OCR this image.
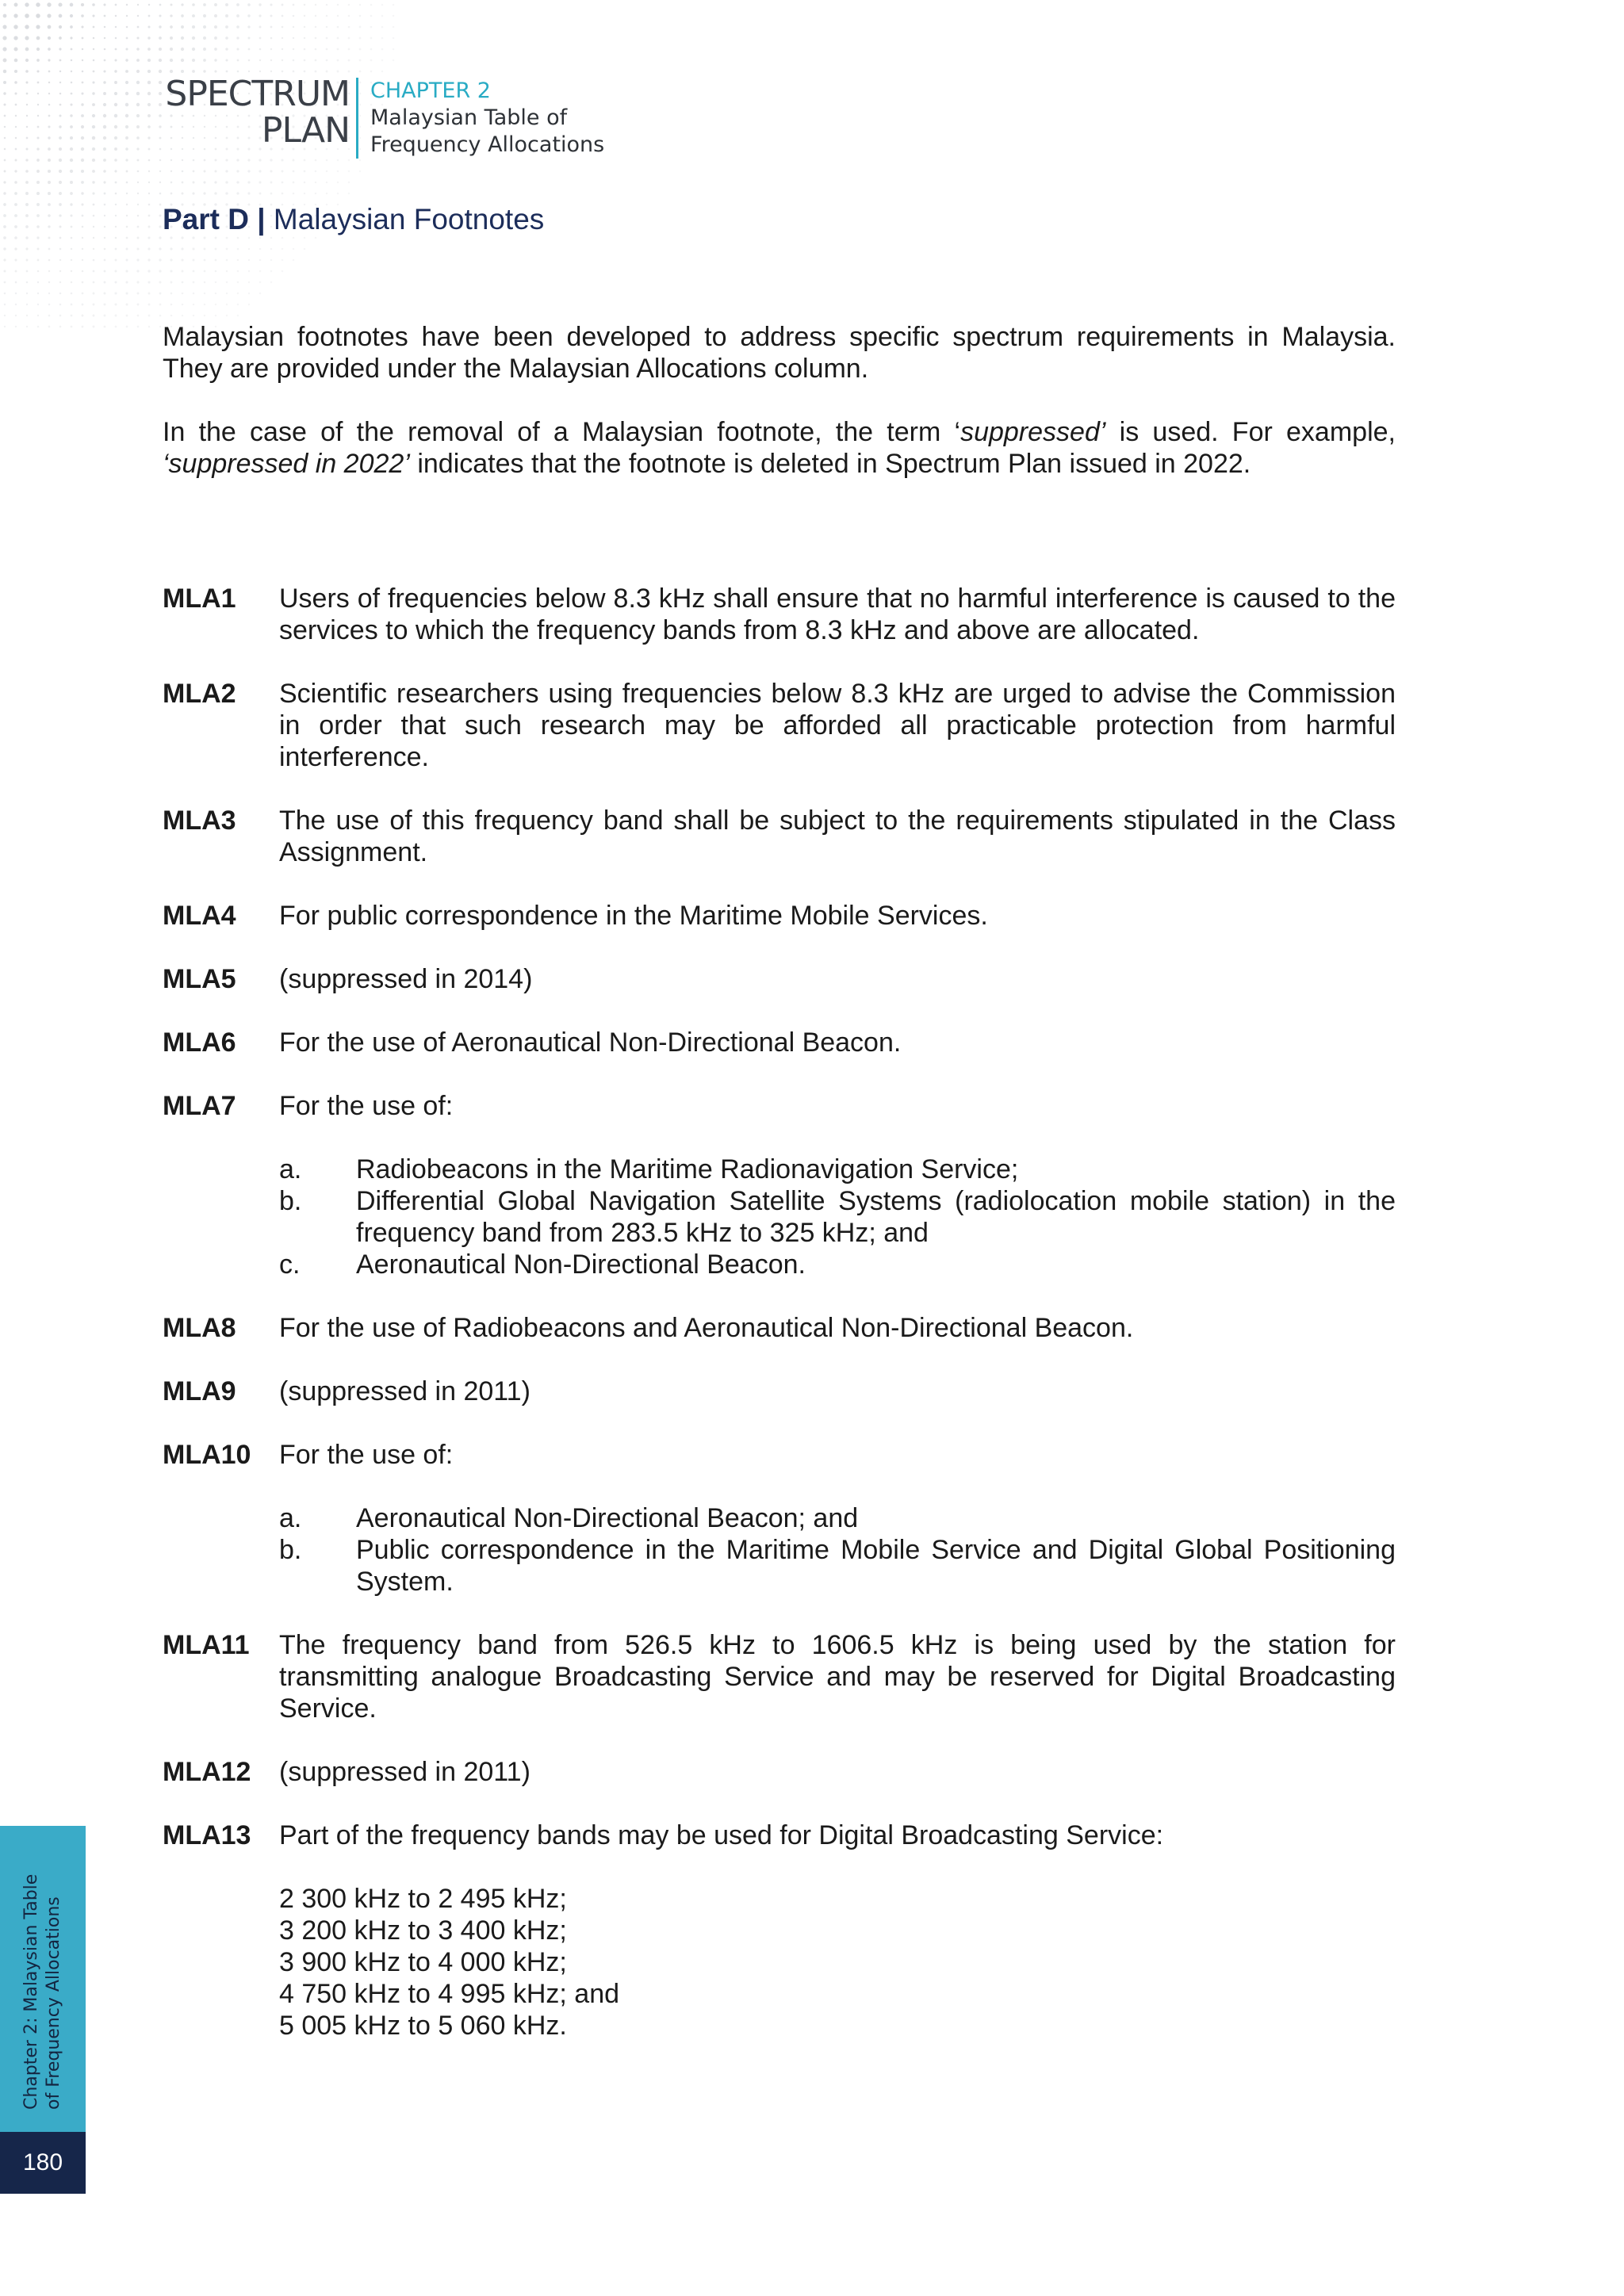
SPECTRUM
PLAN
CHAPTER 2
Malaysian Table of
Frequency Allocations
Part D | Malaysian Footnotes

Malaysian footnotes have been developed to address specific spectrum requirements in Malaysia. They are provided under the Malaysian Allocations column.

In the case of the removal of a Malaysian footnote, the term ‘suppressed’ is used. For example, ‘suppressed in 2022’ indicates that the footnote is deleted in Spectrum Plan issued in 2022.

MLA1 Users of frequencies below 8.3 kHz shall ensure that no harmful interference is caused to the services to which the frequency bands from 8.3 kHz and above are allocated.
MLA2 Scientific researchers using frequencies below 8.3 kHz are urged to advise the Commission in order that such research may be afforded all practicable protection from harmful interference.
MLA3 The use of this frequency band shall be subject to the requirements stipulated in the Class Assignment.
MLA4 For public correspondence in the Maritime Mobile Services.
MLA5 (suppressed in 2014)
MLA6 For the use of Aeronautical Non-Directional Beacon.
MLA7 For the use of:
a. Radiobeacons in the Maritime Radionavigation Service;
b. Differential Global Navigation Satellite Systems (radiolocation mobile station) in the frequency band from 283.5 kHz to 325 kHz; and
c. Aeronautical Non-Directional Beacon.
MLA8 For the use of Radiobeacons and Aeronautical Non-Directional Beacon.
MLA9 (suppressed in 2011)
MLA10 For the use of:
a. Aeronautical Non-Directional Beacon; and
b. Public correspondence in the Maritime Mobile Service and Digital Global Positioning System.
MLA11 The frequency band from 526.5 kHz to 1606.5 kHz is being used by the station for transmitting analogue Broadcasting Service and may be reserved for Digital Broadcasting Service.
MLA12 (suppressed in 2011)
MLA13 Part of the frequency bands may be used for Digital Broadcasting Service:
2 300 kHz to 2 495 kHz;
3 200 kHz to 3 400 kHz;
3 900 kHz to 4 000 kHz;
4 750 kHz to 4 995 kHz; and
5 005 kHz to 5 060 kHz.
Chapter 2: Malaysian Table of Frequency Allocations
180
